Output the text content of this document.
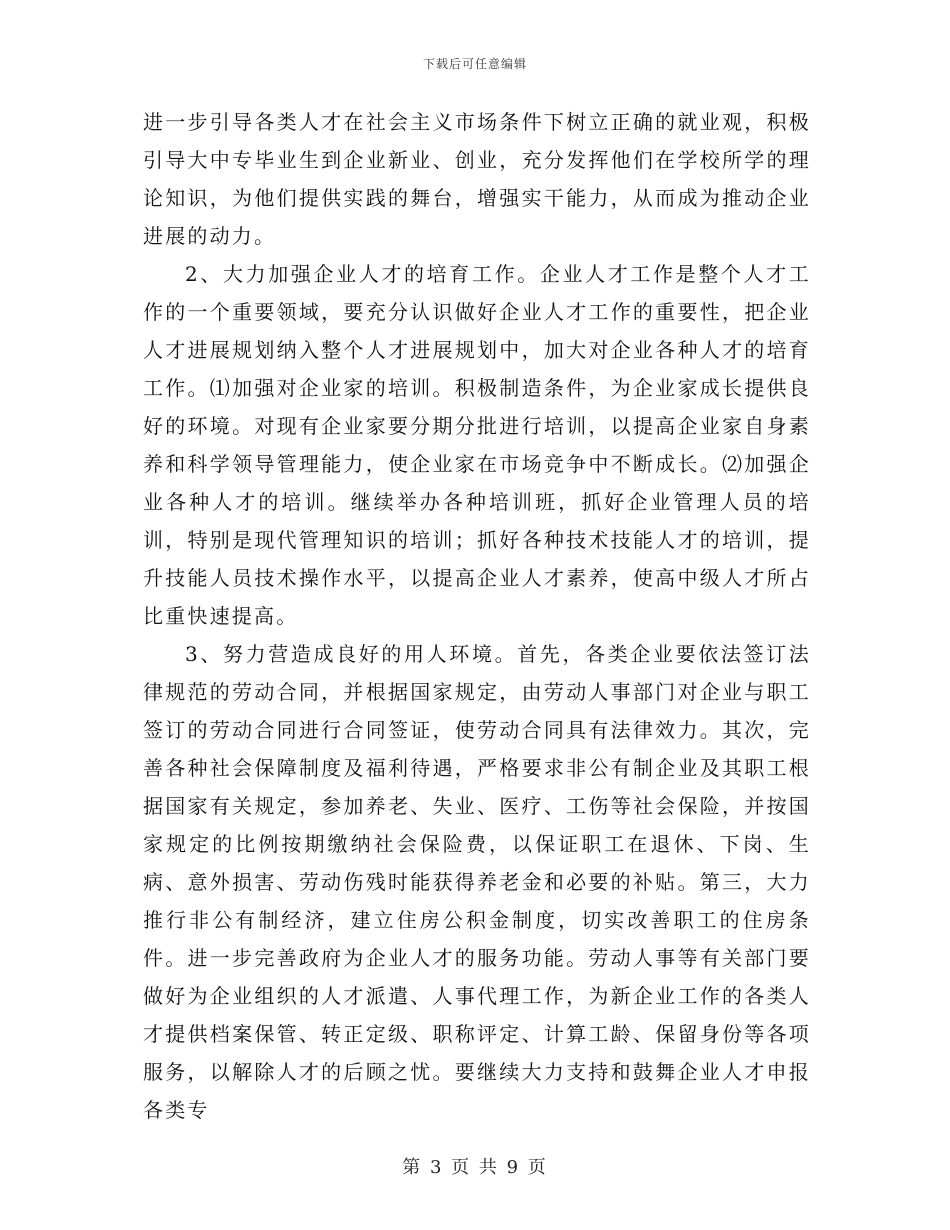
下载后可任意编辑

进一步引导各类人才在社会主义市场条件下树立正确的就业观，积极引导大中专毕业生到企业新业、创业，充分发挥他们在学校所学的理论知识，为他们提供实践的舞台，增强实干能力，从而成为推动企业进展的动力。

2、大力加强企业人才的培育工作。企业人才工作是整个人才工作的一个重要领域，要充分认识做好企业人才工作的重要性，把企业人才进展规划纳入整个人才进展规划中，加大对企业各种人才的培育工作。⑴加强对企业家的培训。积极制造条件，为企业家成长提供良好的环境。对现有企业家要分期分批进行培训，以提高企业家自身素养和科学领导管理能力，使企业家在市场竞争中不断成长。⑵加强企业各种人才的培训。继续举办各种培训班，抓好企业管理人员的培训，特别是现代管理知识的培训；抓好各种技术技能人才的培训，提升技能人员技术操作水平，以提高企业人才素养，使高中级人才所占比重快速提高。

3、努力营造成良好的用人环境。首先，各类企业要依法签订法律规范的劳动合同，并根据国家规定，由劳动人事部门对企业与职工签订的劳动合同进行合同签证，使劳动合同具有法律效力。其次，完善各种社会保障制度及福利待遇，严格要求非公有制企业及其职工根据国家有关规定，参加养老、失业、医疗、工伤等社会保险，并按国家规定的比例按期缴纳社会保险费，以保证职工在退休、下岗、生病、意外损害、劳动伤残时能获得养老金和必要的补贴。第三，大力推行非公有制经济，建立住房公积金制度，切实改善职工的住房条件。进一步完善政府为企业人才的服务功能。劳动人事等有关部门要做好为企业组织的人才派遣、人事代理工作，为新企业工作的各类人才提供档案保管、转正定级、职称评定、计算工龄、保留身份等各项服务，以解除人才的后顾之忧。要继续大力支持和鼓舞企业人才申报各类专

第 3 页 共 9 页
